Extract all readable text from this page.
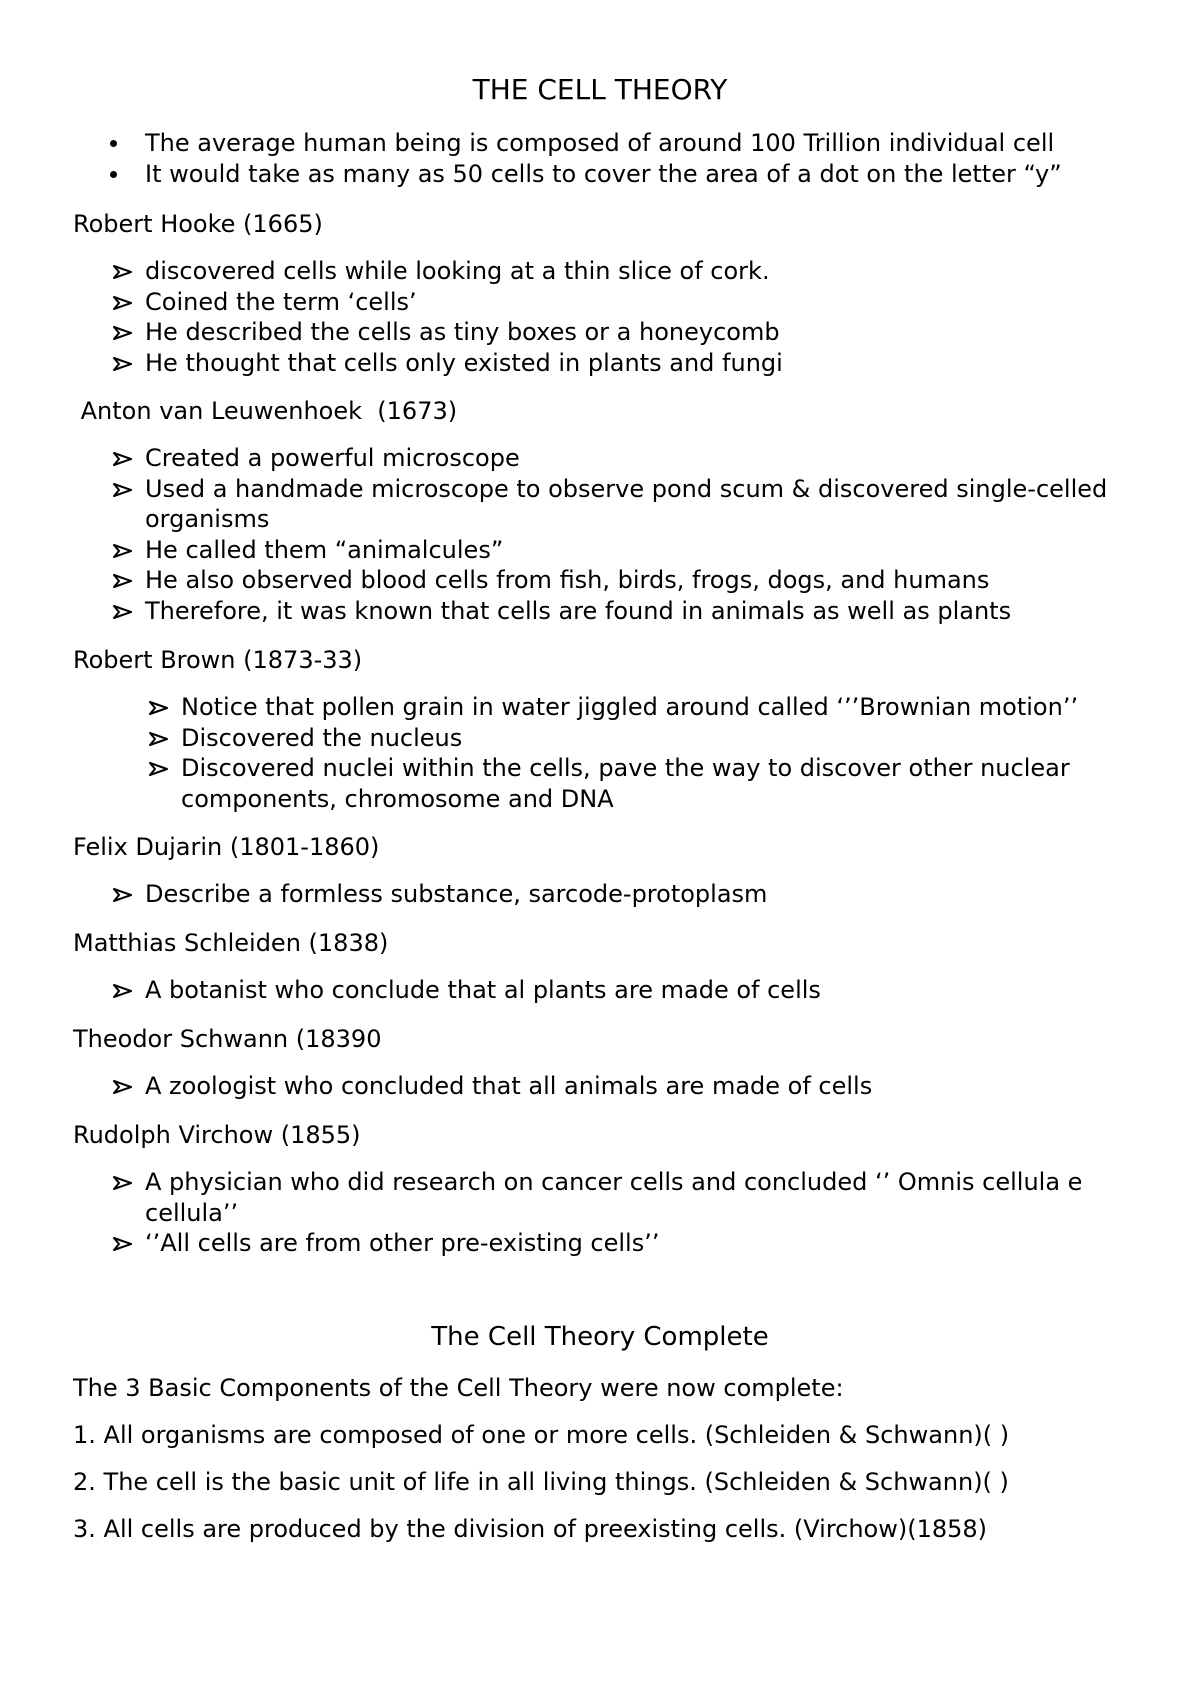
THE CELL THEORY
The average human being is composed of around 100 Trillion individual cell
It would take as many as 50 cells to cover the area of a dot on the letter “y”
Robert Hooke (1665)
discovered cells while looking at a thin slice of cork.
Coined the term ‘cells’
He described the cells as tiny boxes or a honeycomb
He thought that cells only existed in plants and fungi
Anton van Leuwenhoek  (1673)
Created a powerful microscope
Used a handmade microscope to observe pond scum & discovered single-celled organisms
He called them “animalcules”
He also observed blood cells from fish, birds, frogs, dogs, and humans
Therefore, it was known that cells are found in animals as well as plants
Robert Brown (1873-33)
Notice that pollen grain in water jiggled around called ‘’’Brownian motion’’
Discovered the nucleus
Discovered nuclei within the cells, pave the way to discover other nuclear components, chromosome and DNA
Felix Dujarin (1801-1860)
Describe a formless substance, sarcode-protoplasm
Matthias Schleiden (1838)
A botanist who conclude that al plants are made of cells
Theodor Schwann (18390
A zoologist who concluded that all animals are made of cells
Rudolph Virchow (1855)
A physician who did research on cancer cells and concluded ‘’ Omnis cellula e cellula’’
‘’All cells are from other pre-existing cells’’
The Cell Theory Complete

The 3 Basic Components of the Cell Theory were now complete:

1. All organisms are composed of one or more cells. (Schleiden & Schwann)( )

2. The cell is the basic unit of life in all living things. (Schleiden & Schwann)( )

3. All cells are produced by the division of preexisting cells. (Virchow)(1858)
